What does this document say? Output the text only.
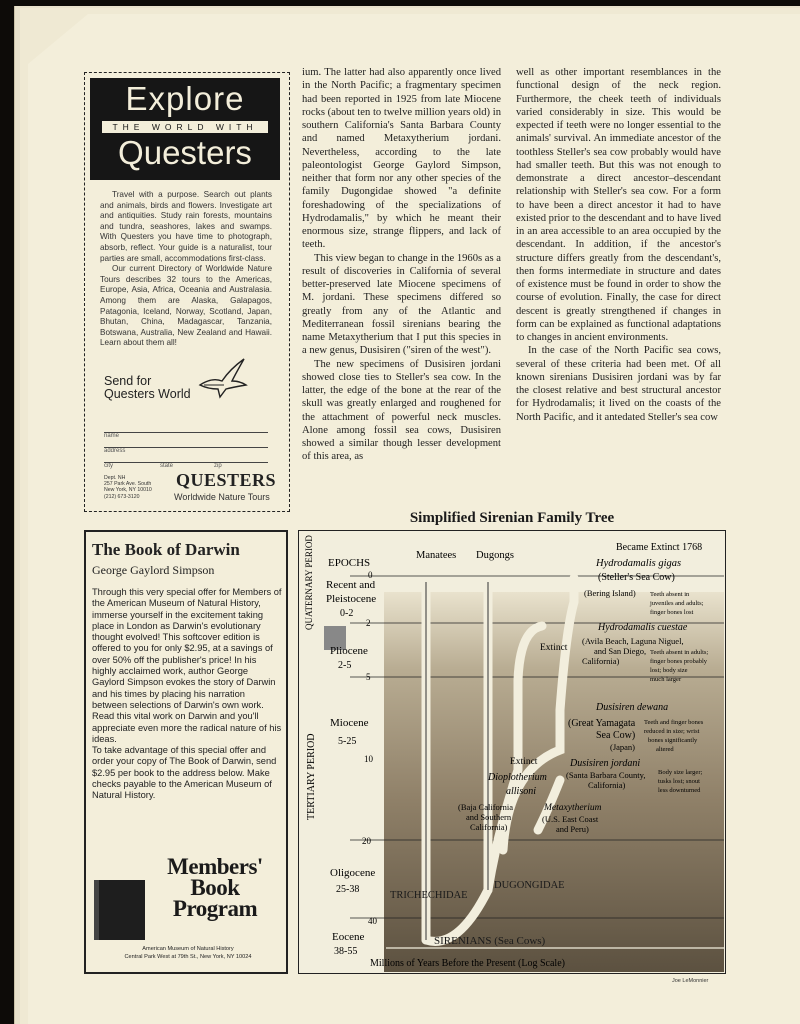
Explore
THE WORLD WITH
Questers

Travel with a purpose. Search out plants and animals, birds and flowers. Investigate art and antiquities. Study rain forests, mountains and tundra, seashores, lakes and swamps. With Questers you have time to photograph, absorb, reflect. Your guide is a naturalist, tour parties are small, accommodations first-class.

Our current Directory of Worldwide Nature Tours describes 32 tours to the Americas, Europe, Asia, Africa, Oceania and Australasia. Among them are Alaska, Galapagos, Patagonia, Iceland, Norway, Scotland, Japan, Bhutan, China, Madagascar, Tanzania, Botswana, Australia, New Zealand and Hawaii. Learn about them all!

Send for
Questers World
name
address
city	state	zip
Dept. NH
257 Park Ave. South
New York, NY 10010
(212) 673-3120
QUESTERS
Worldwide Nature Tours
The Book of Darwin
George Gaylord Simpson

Through this very special offer for Members of the American Museum of Natural History, immerse yourself in the excitement taking place in London as Darwin's evolutionary thought evolved! This softcover edition is offered to you for only $2.95, at a savings of over 50% off the publisher's price! In his highly acclaimed work, author George Gaylord Simpson evokes the story of Darwin and his times by placing his narration between selections of Darwin's own work. Read this vital work on Darwin and you'll appreciate even more the radical nature of his ideas.

To take advantage of this special offer and order your copy of The Book of Darwin, send $2.95 per book to the address below. Make checks payable to the American Museum of Natural History.

Members'
Book
Program
American Museum of Natural History
Central Park West at 79th St., New York, NY 10024

ium. The latter had also apparently once lived in the North Pacific; a fragmentary specimen had been reported in 1925 from late Miocene rocks (about ten to twelve million years old) in southern California's Santa Barbara County and named Metaxytherium jordani. Nevertheless, according to the late paleontologist George Gaylord Simpson, neither that form nor any other species of the family Dugongidae showed "a definite foreshadowing of the specializations of Hydrodamalis," by which he meant their enormous size, strange flippers, and lack of teeth.

This view began to change in the 1960s as a result of discoveries in California of several better-preserved late Miocene specimens of M. jordani. These specimens differed so greatly from any of the Atlantic and Mediterranean fossil sirenians bearing the name Metaxytherium that I put this species in a new genus, Dusisiren ("siren of the west").

The new specimens of Dusisiren jordani showed close ties to Steller's sea cow. In the latter, the edge of the bone at the rear of the skull was greatly enlarged and roughened for the attachment of powerful neck muscles. Alone among fossil sea cows, Dusisiren showed a similar though lesser development of this area, as

well as other important resemblances in the functional design of the neck region. Furthermore, the cheek teeth of individuals varied considerably in size. This would be expected if teeth were no longer essential to the animals' survival. An immediate ancestor of the toothless Steller's sea cow probably would have had smaller teeth. But this was not enough to demonstrate a direct ancestor–descendant relationship with Steller's sea cow. For a form to have been a direct ancestor it had to have existed prior to the descendant and to have lived in an area accessible to an area occupied by the descendant. In addition, if the ancestor's structure differs greatly from the descendant's, then forms intermediate in structure and dates of existence must be found in order to show the course of evolution. Finally, the case for direct descent is greatly strengthened if changes in form can be explained as functional adaptations to changes in ancient environments.

In the case of the North Pacific sea cows, several of these criteria had been met. Of all known sirenians Dusisiren jordani was by far the closest relative and best structural ancestor for Hydrodamalis; it lived on the coasts of the North Pacific, and it antedated Steller's sea cow

Simplified Sirenian Family Tree
EPOCHS
Manatees Dugongs
Became Extinct 1768
QUATERNARY PERIOD
TERTIARY PERIOD
Recent and
Pleistocene
0-2
Pliocene
2-5
Miocene
5-25
Oligocene
25-38
Eocene
38-55
0
2
5
10
20
40
Hydrodamalis gigas
(Steller's Sea Cow)
(Bering Island) Teeth absent in
juveniles and adults;
finger bones lost
Hydrodamalis cuestae
(Avila Beach, Laguna Niguel,
and San Diego,
California)
Teeth absent in adults;
finger bones probably
lost; body size
much larger
Extinct
Dusisiren dewana
(Great Yamagata
Sea Cow)
(Japan)
Teeth and finger bones
reduced in size; wrist
bones significantly
altered
Dusisiren jordani
(Santa Barbara County,
California)
Body size larger;
tusks lost; snout
less downturned
Extinct
Dioplotherium
allisoni
(Baja California
and Southern
California)
Metaxytherium
(U.S. East Coast
and Peru)
TRICHECHIDAE
DUGONGIDAE
SIRENIANS (Sea Cows)
Millions of Years Before the Present (Log Scale)
Joe LeMonnier
